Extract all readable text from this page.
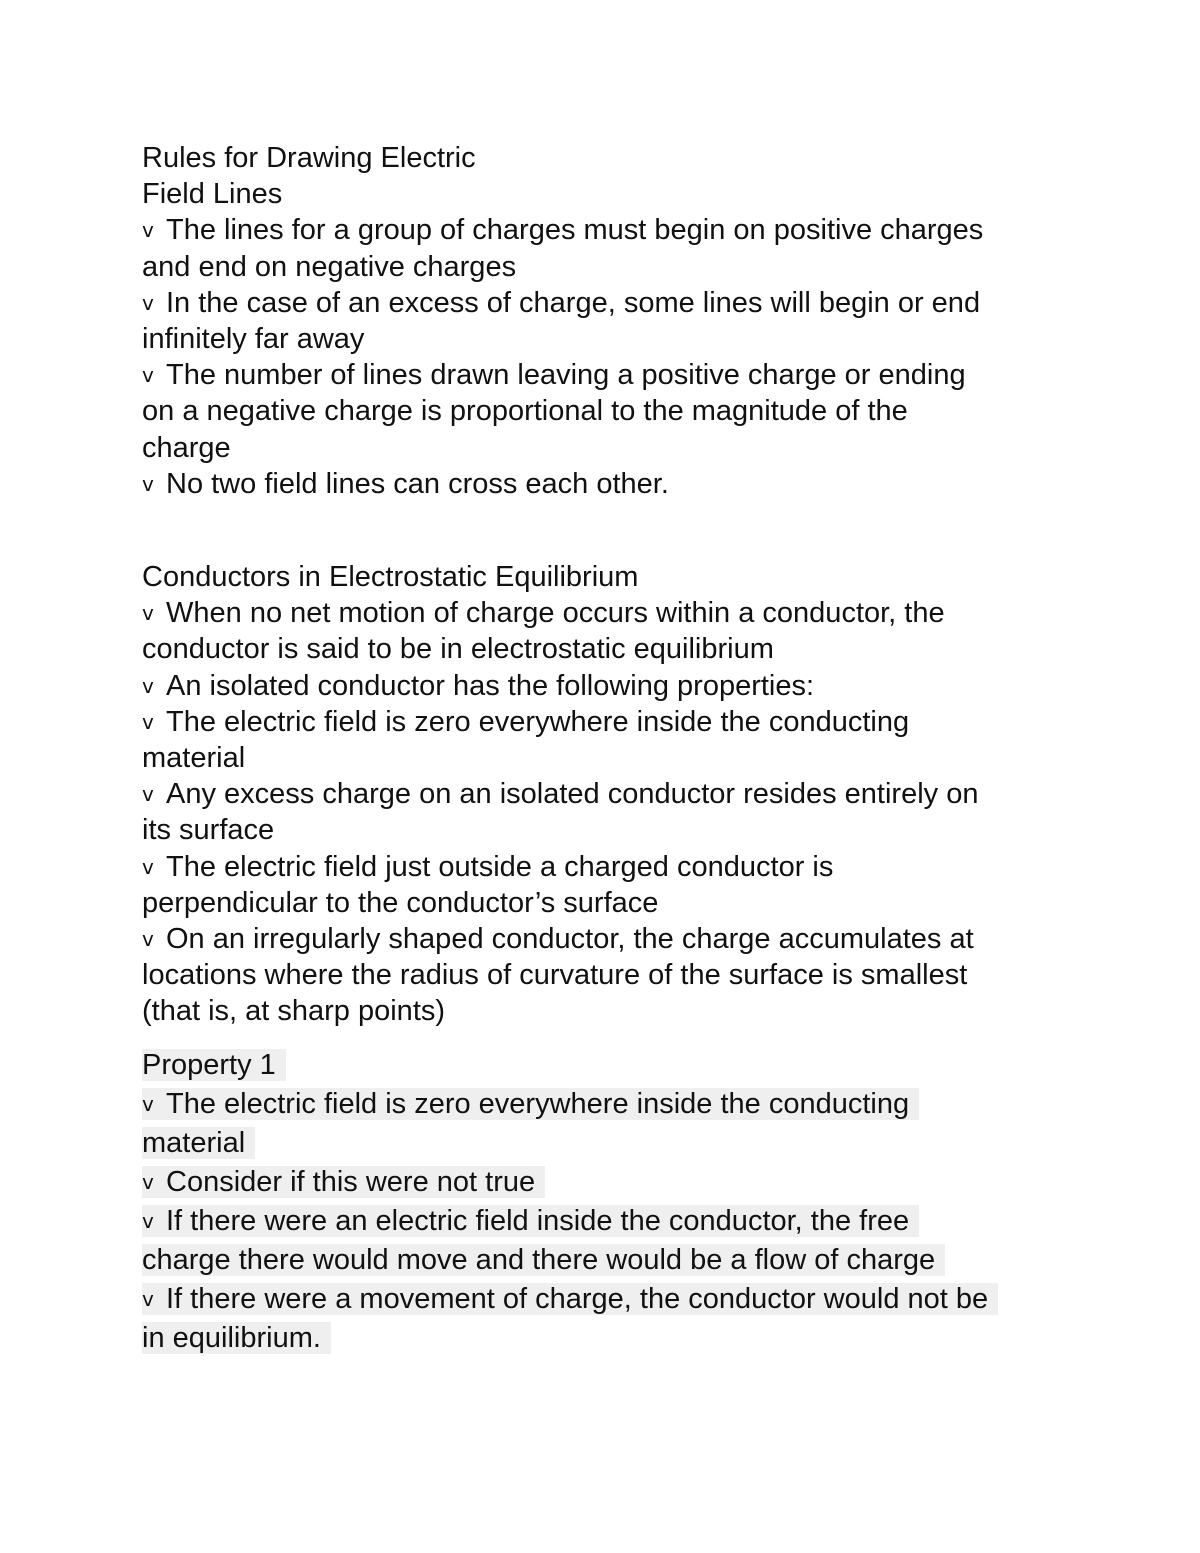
Rules for Drawing Electric
Field Lines
v The lines for a group of charges must begin on positive charges
and end on negative charges
v In the case of an excess of charge, some lines will begin or end
infinitely far away
v The number of lines drawn leaving a positive charge or ending
on a negative charge is proportional to the magnitude of the
charge
v No two field lines can cross each other.
Conductors in Electrostatic Equilibrium
v When no net motion of charge occurs within a conductor, the
conductor is said to be in electrostatic equilibrium
v An isolated conductor has the following properties:
v The electric field is zero everywhere inside the conducting
material
v Any excess charge on an isolated conductor resides entirely on
its surface
v The electric field just outside a charged conductor is
perpendicular to the conductor’s surface
v On an irregularly shaped conductor, the charge accumulates at
locations where the radius of curvature of the surface is smallest
(that is, at sharp points)
Property 1
v The electric field is zero everywhere inside the conducting
material
v Consider if this were not true
v If there were an electric field inside the conductor, the free
charge there would move and there would be a flow of charge
v If there were a movement of charge, the conductor would not be
in equilibrium.
